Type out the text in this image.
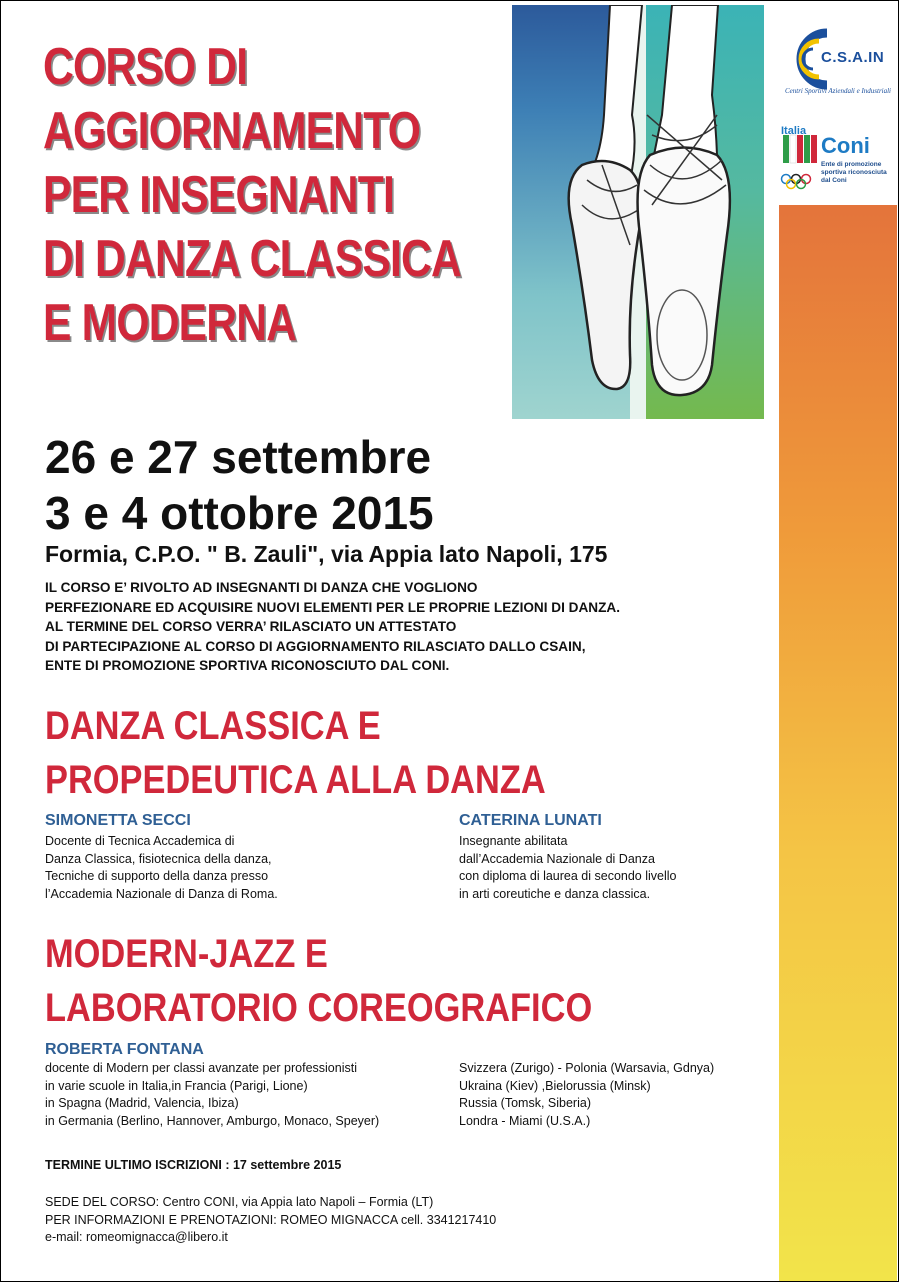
C.S.A.IN
Centri Sportivi Aziendali e Industriali
Italia
Coni
Ente di promozione sportiva riconosciuta dal Coni
CORSO DI
AGGIORNAMENTO
PER INSEGNANTI
DI DANZA CLASSICA
E MODERNA
26 e 27 settembre
3 e 4 ottobre 2015
Formia, C.P.O. " B. Zauli", via Appia lato Napoli, 175
IL CORSO E’ RIVOLTO AD INSEGNANTI DI DANZA CHE VOGLIONO
PERFEZIONARE ED ACQUISIRE NUOVI ELEMENTI PER LE PROPRIE LEZIONI DI DANZA.
AL TERMINE DEL CORSO VERRA’ RILASCIATO UN ATTESTATO
DI PARTECIPAZIONE AL CORSO DI AGGIORNAMENTO RILASCIATO DALLO CSAIN,
ENTE DI PROMOZIONE SPORTIVA RICONOSCIUTO DAL CONI.
DANZA CLASSICA E
PROPEDEUTICA ALLA DANZA
SIMONETTA SECCI
Docente di Tecnica Accademica di
Danza Classica, fisiotecnica della danza,
Tecniche di supporto della danza presso
l’Accademia Nazionale di Danza di Roma.
CATERINA LUNATI
Insegnante abilitata
dall’Accademia Nazionale di Danza
con diploma di laurea di secondo livello
in arti coreutiche e danza classica.
MODERN-JAZZ E
LABORATORIO COREOGRAFICO
ROBERTA FONTANA
docente di Modern per classi avanzate per professionisti
in varie scuole in Italia,in Francia (Parigi, Lione)
in Spagna (Madrid, Valencia, Ibiza)
in Germania (Berlino, Hannover, Amburgo, Monaco, Speyer)
Svizzera (Zurigo) - Polonia (Warsavia, Gdnya)
Ukraina (Kiev) ,Bielorussia (Minsk)
Russia (Tomsk, Siberia)
Londra - Miami (U.S.A.)
TERMINE ULTIMO ISCRIZIONI : 17 settembre 2015
SEDE DEL CORSO: Centro CONI, via Appia lato Napoli – Formia (LT)
PER INFORMAZIONI E PRENOTAZIONI: ROMEO MIGNACCA cell. 3341217410
e-mail: romeomignacca@libero.it
